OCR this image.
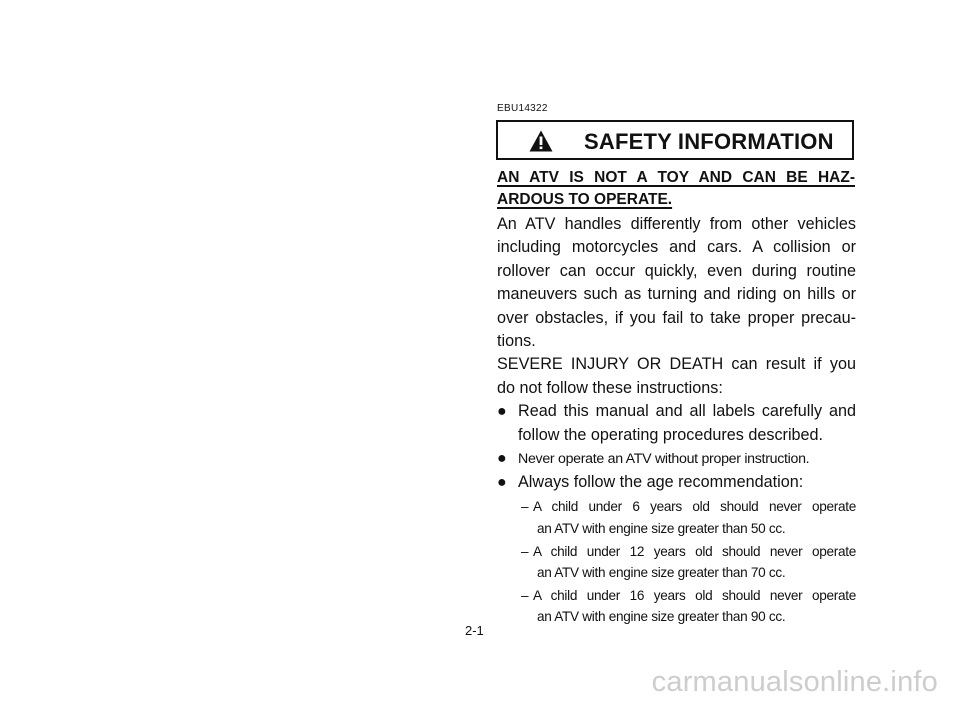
EBU14322
SAFETY INFORMATION
AN ATV IS NOT A TOY AND CAN BE HAZ-
ARDOUS TO OPERATE.
An ATV handles differently from other vehicles
including motorcycles and cars. A collision or
rollover can occur quickly, even during routine
maneuvers such as turning and riding on hills or
over obstacles, if you fail to take proper precau-
tions.
SEVERE INJURY OR DEATH can result if you
do not follow these instructions:
● Read this manual and all labels carefully and
follow the operating procedures described.
● Never operate an ATV without proper instruction.
● Always follow the age recommendation:
– A child under 6 years old should never operate
an ATV with engine size greater than 50 cc.
– A child under 12 years old should never operate
an ATV with engine size greater than 70 cc.
– A child under 16 years old should never operate
an ATV with engine size greater than 90 cc.
2-1
carmanualsonline.info
